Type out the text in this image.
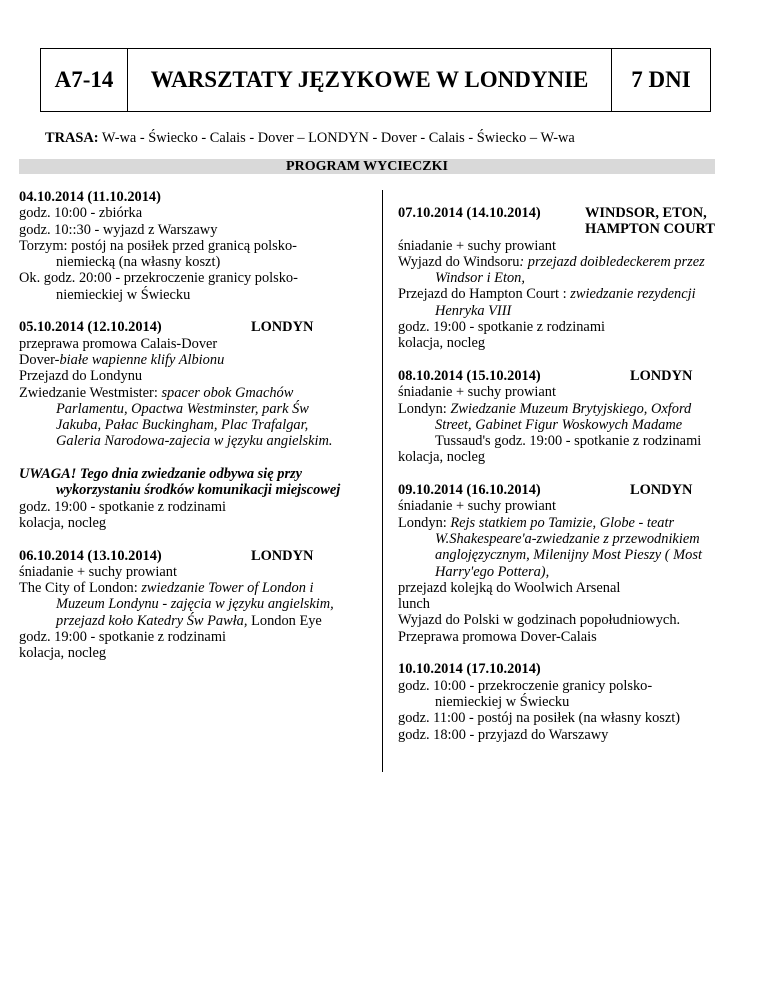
A7-14	WARSZTATY JĘZYKOWE W LONDYNIE	7 DNI
TRASA: W-wa - Świecko - Calais - Dover – LONDYN - Dover - Calais - Świecko – W-wa
PROGRAM WYCIECZKI
04.10.2014 (11.10.2014)
godz. 10:00 - zbiórka
godz. 10::30 - wyjazd z Warszawy
Torzym: postój na posiłek przed granicą polsko-
niemiecką (na własny koszt)
Ok. godz. 20:00 - przekroczenie granicy polsko-
niemieckiej w Świecku
05.10.2014 (12.10.2014)	LONDYN
przeprawa promowa Calais-Dover
Dover-białe wapienne klify Albionu
Przejazd do Londynu
Zwiedzanie Westmister: spacer obok Gmachów
Parlamentu, Opactwa Westminster, park Św
Jakuba, Pałac Buckingham, Plac Trafalgar,
Galeria Narodowa-zajecia w języku angielskim.
UWAGA! Tego dnia zwiedzanie odbywa się przy
wykorzystaniu środków komunikacji miejscowej
godz. 19:00 - spotkanie z rodzinami
kolacja, nocleg
06.10.2014 (13.10.2014)	LONDYN
śniadanie + suchy prowiant
The City of London: zwiedzanie Tower of London i
Muzeum Londynu - zajęcia w języku angielskim,
przejazd koło Katedry Św Pawła, London Eye
godz. 19:00 - spotkanie z rodzinami
kolacja, nocleg
07.10.2014 (14.10.2014)	WINDSOR, ETON,
HAMPTON COURT
śniadanie + suchy prowiant
Wyjazd do Windsoru: przejazd doibledeckerem przez
Windsor i Eton,
Przejazd do Hampton Court : zwiedzanie rezydencji
Henryka VIII
godz. 19:00 - spotkanie z rodzinami
kolacja, nocleg
08.10.2014 (15.10.2014)	LONDYN
śniadanie + suchy prowiant
Londyn: Zwiedzanie Muzeum Brytyjskiego, Oxford
Street, Gabinet Figur Woskowych Madame
Tussaud's godz. 19:00 - spotkanie z rodzinami
kolacja, nocleg
09.10.2014 (16.10.2014)	LONDYN
śniadanie + suchy prowiant
Londyn: Rejs statkiem po Tamizie, Globe - teatr
W.Shakespeare'a-zwiedzanie z przewodnikiem
anglojęzycznym, Milenijny Most Pieszy ( Most
Harry'ego Pottera),
przejazd kolejką do Woolwich Arsenal
lunch
Wyjazd do Polski w godzinach popołudniowych.
Przeprawa promowa Dover-Calais
10.10.2014 (17.10.2014)
godz. 10:00 - przekroczenie granicy polsko-
niemieckiej w Świecku
godz. 11:00 - postój na posiłek (na własny koszt)
godz. 18:00 - przyjazd do Warszawy
